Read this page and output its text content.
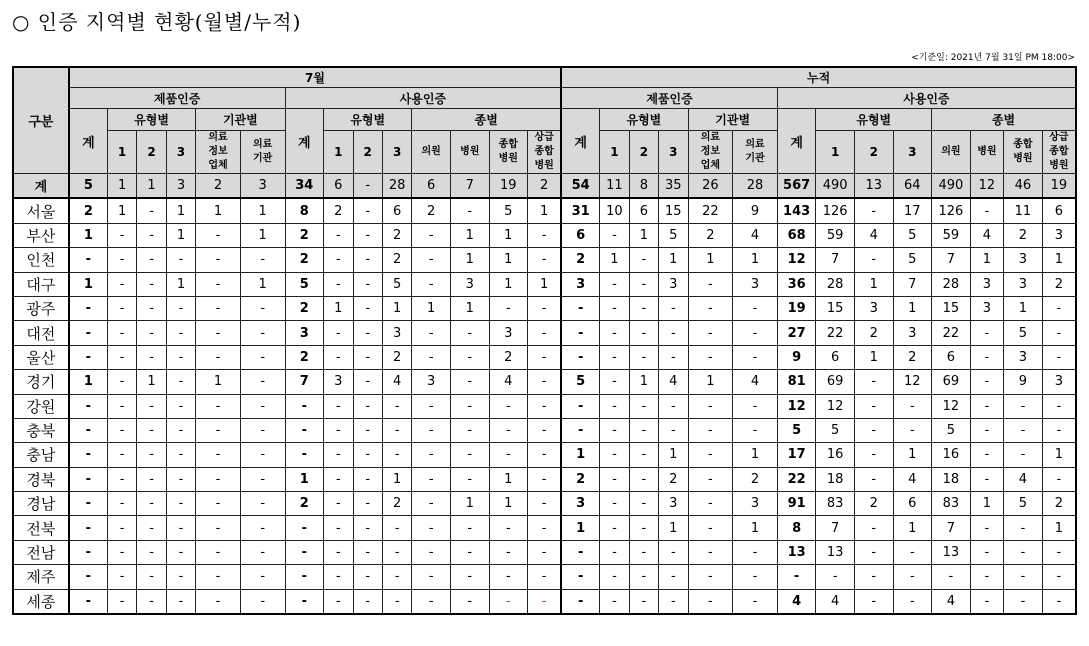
○ 인증 지역별 현황(월별/누적)
<기준일: 2021년 7월 31일 PM 18:00>
구분	7월														누적													
	제품인증						사용인증								제품인증						사용인증							
	계	유형별			기관별		계	유형별			종별				계	유형별			기관별		계	유형별			종별			
		1	2	3	의료
정보
업체	의료
기관		1	2	3	의원	병원	종합
병원	상급
종합
병원		1	2	3	의료
정보
업체	의료
기관		1	2	3	의원	병원	종합
병원	상급
종합
병원
계	5	1	1	3	2	3	34	6	-	28	6	7	19	2	54	11	8	35	26	28	567	490	13	64	490	12	46	19
서울	2	1	-	1	1	1	8	2	-	6	2	-	5	1	31	10	6	15	22	9	143	126	-	17	126	-	11	6
부산	1	-	-	1	-	1	2	-	-	2	-	1	1	-	6	-	1	5	2	4	68	59	4	5	59	4	2	3
인천	-	-	-	-	-	-	2	-	-	2	-	1	1	-	2	1	-	1	1	1	12	7	-	5	7	1	3	1
대구	1	-	-	1	-	1	5	-	-	5	-	3	1	1	3	-	-	3	-	3	36	28	1	7	28	3	3	2
광주	-	-	-	-	-	-	2	1	-	1	1	1	-	-	-	-	-	-	-	-	19	15	3	1	15	3	1	-
대전	-	-	-	-	-	-	3	-	-	3	-	-	3	-	-	-	-	-	-	-	27	22	2	3	22	-	5	-
울산	-	-	-	-	-	-	2	-	-	2	-	-	2	-	-	-	-	-	-	-	9	6	1	2	6	-	3	-
경기	1	-	1	-	1	-	7	3	-	4	3	-	4	-	5	-	1	4	1	4	81	69	-	12	69	-	9	3
강원	-	-	-	-	-	-	-	-	-	-	-	-	-	-	-	-	-	-	-	-	12	12	-	-	12	-	-	-
충북	-	-	-	-	-	-	-	-	-	-	-	-	-	-	-	-	-	-	-	-	5	5	-	-	5	-	-	-
충남	-	-	-	-	-	-	-	-	-	-	-	-	-	-	1	-	-	1	-	1	17	16	-	1	16	-	-	1
경북	-	-	-	-	-	-	1	-	-	1	-	-	1	-	2	-	-	2	-	2	22	18	-	4	18	-	4	-
경남	-	-	-	-	-	-	2	-	-	2	-	1	1	-	3	-	-	3	-	3	91	83	2	6	83	1	5	2
전북	-	-	-	-	-	-	-	-	-	-	-	-	-	-	1	-	-	1	-	1	8	7	-	1	7	-	-	1
전남	-	-	-	-	-	-	-	-	-	-	-	-	-	-	-	-	-	-	-	-	13	13	-	-	13	-	-	-
제주	-	-	-	-	-	-	-	-	-	-	-	-	-	-	-	-	-	-	-	-	-	-	-	-	-	-	-	-
세종	-	-	-	-	-	-	-	-	-	-	-	-	-	-	-	-	-	-	-	-	4	4	-	-	4	-	-	-
